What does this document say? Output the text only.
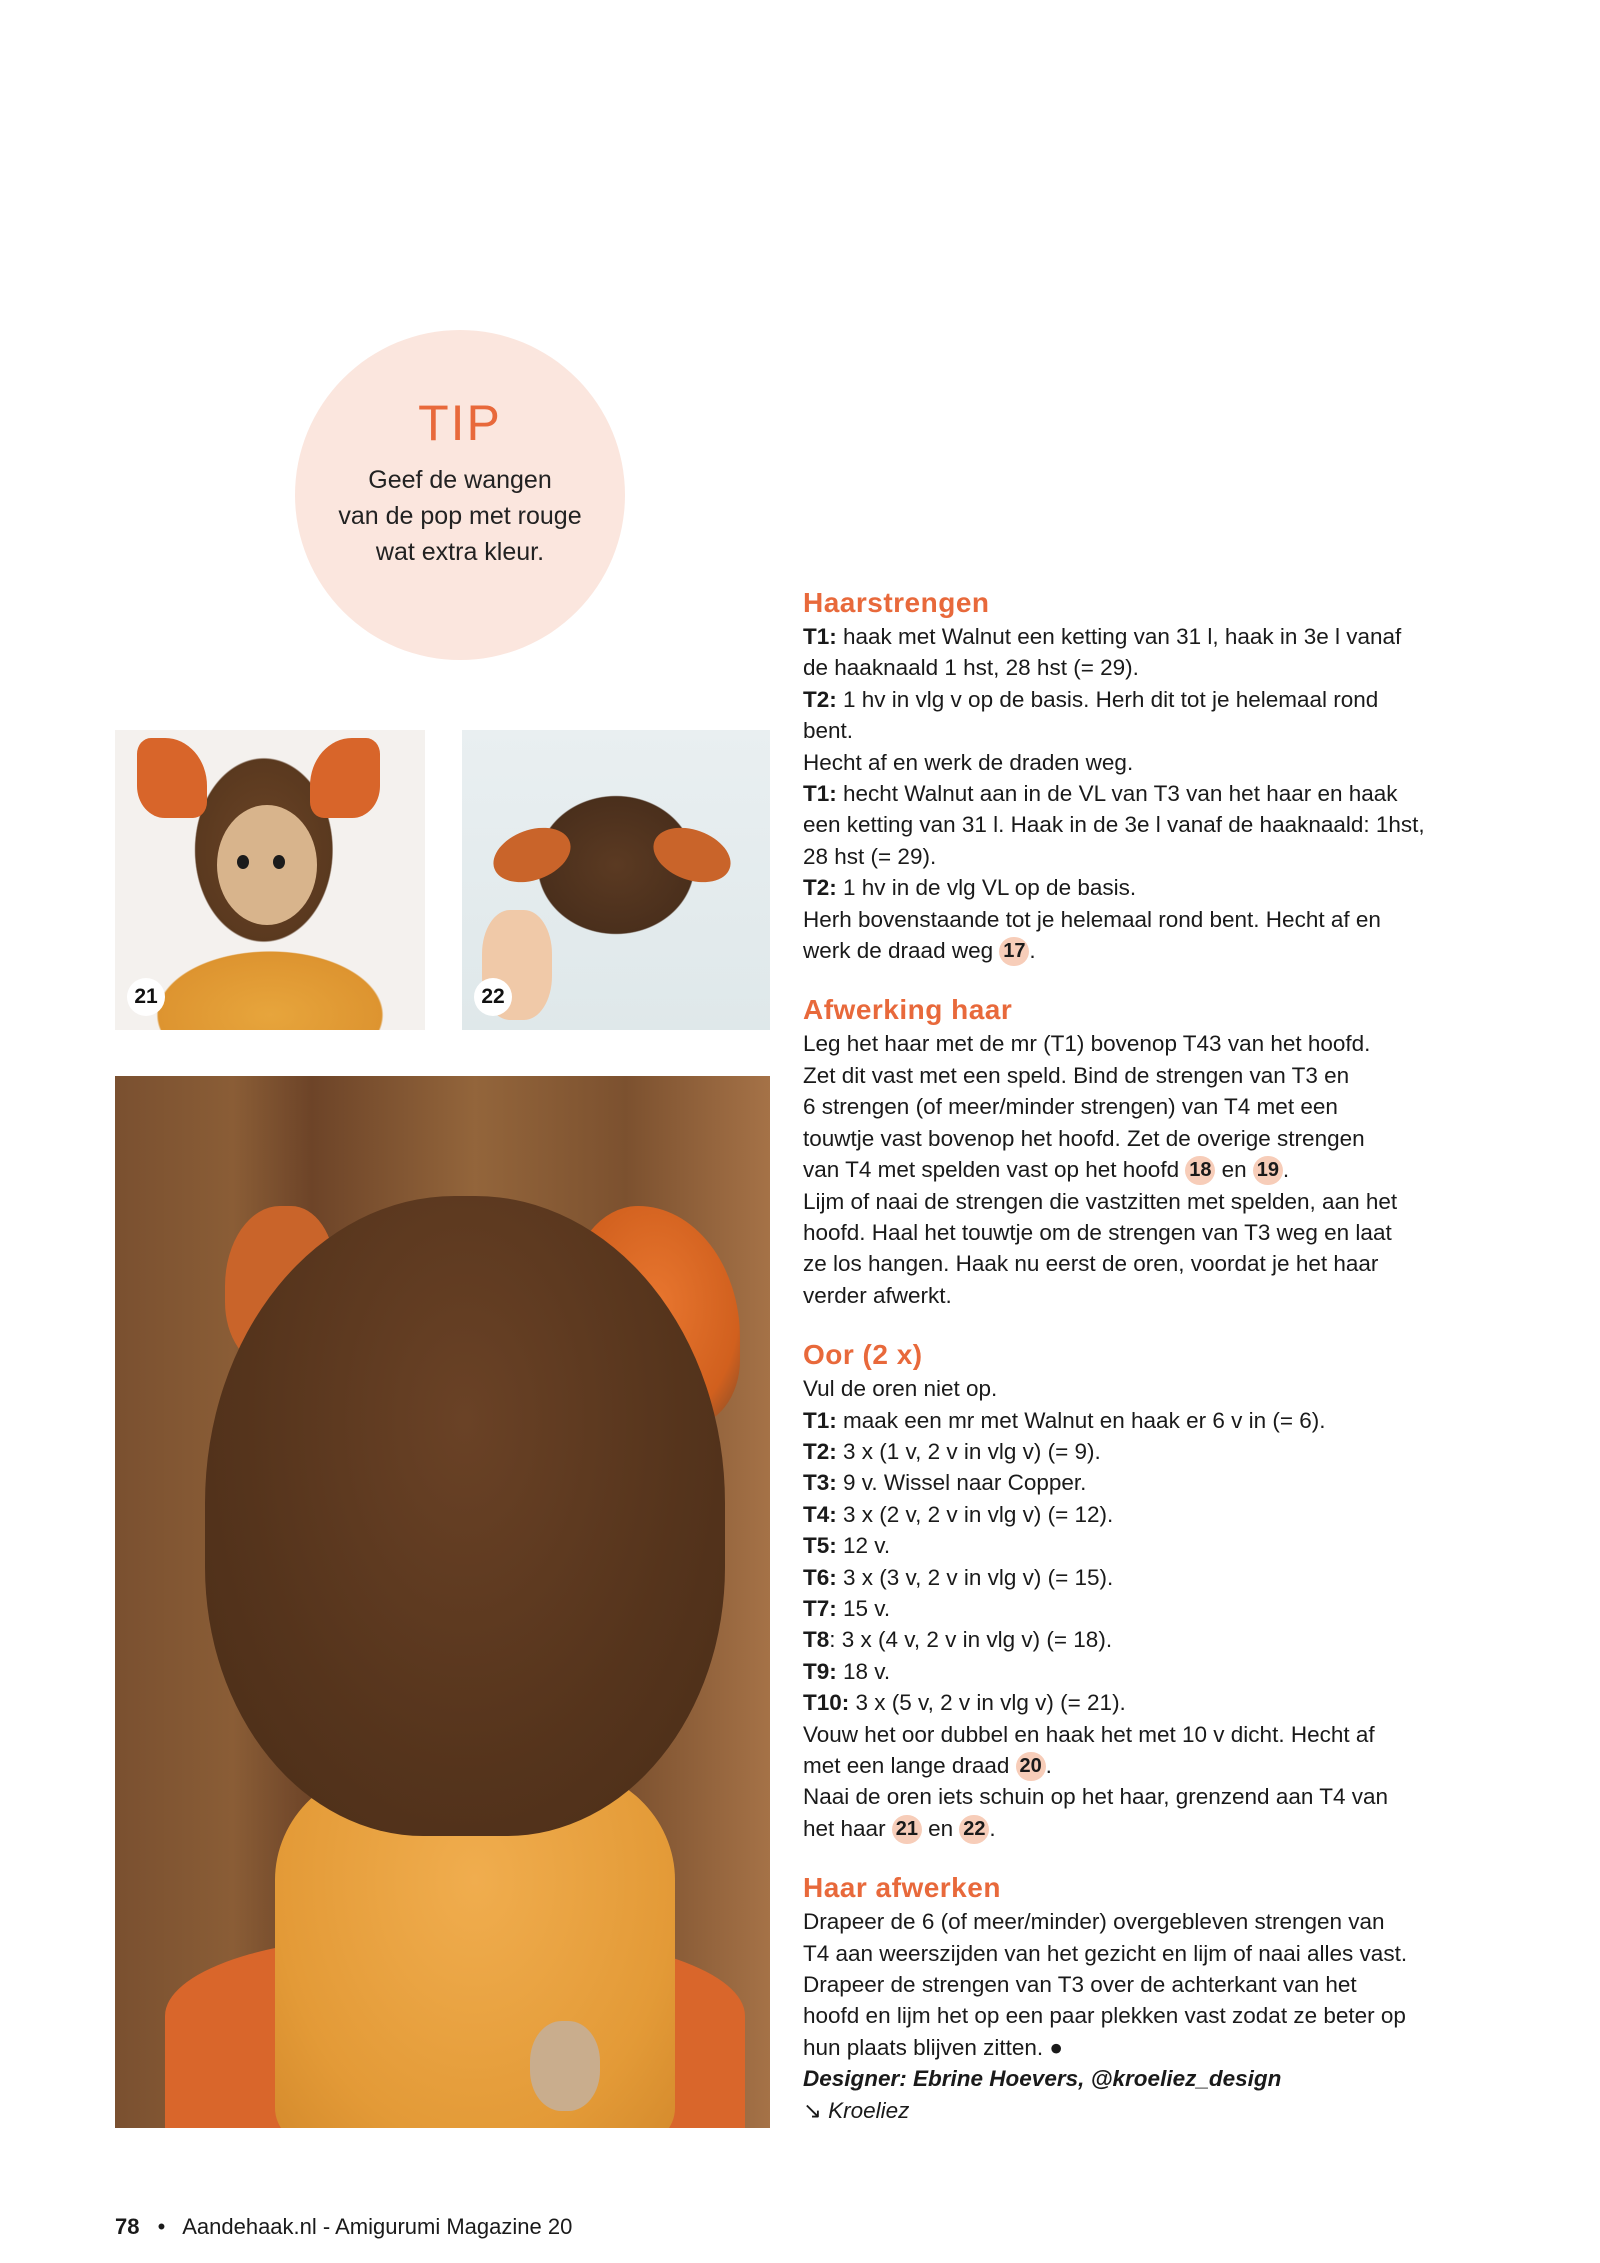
TIP
Geef de wangen
van de pop met rouge
wat extra kleur.
21	22
Haarstrengen
T1: haak met Walnut een ketting van 31 l, haak in 3e l vanaf
de haaknaald 1 hst, 28 hst (= 29).
T2: 1 hv in vlg v op de basis. Herh dit tot je helemaal rond
bent.
Hecht af en werk de draden weg.
T1: hecht Walnut aan in de VL van T3 van het haar en haak
een ketting van 31 l. Haak in de 3e l vanaf de haaknaald: 1hst,
28 hst (= 29).
T2: 1 hv in de vlg VL op de basis.
Herh bovenstaande tot je helemaal rond bent. Hecht af en
werk de draad weg 17 .
Afwerking haar
Leg het haar met de mr (T1) bovenop T43 van het hoofd.
Zet dit vast met een speld. Bind de strengen van T3 en
6 strengen (of meer/minder strengen) van T4 met een
touwtje vast bovenop het hoofd. Zet de overige strengen
van T4 met spelden vast op het hoofd 18 en 19 .
Lijm of naai de strengen die vastzitten met spelden, aan het
hoofd. Haal het touwtje om de strengen van T3 weg en laat
ze los hangen. Haak nu eerst de oren, voordat je het haar
verder afwerkt.
Oor (2 x)
Vul de oren niet op.
T1: maak een mr met Walnut en haak er 6 v in (= 6).
T2: 3 x (1 v, 2 v in vlg v) (= 9).
T3: 9 v. Wissel naar Copper.
T4: 3 x (2 v, 2 v in vlg v) (= 12).
T5: 12 v.
T6: 3 x (3 v, 2 v in vlg v) (= 15).
T7: 15 v.
T8: 3 x (4 v, 2 v in vlg v) (= 18).
T9: 18 v.
T10: 3 x (5 v, 2 v in vlg v) (= 21).
Vouw het oor dubbel en haak het met 10 v dicht. Hecht af
met een lange draad 20 .
Naai de oren iets schuin op het haar, grenzend aan T4 van
het haar 21 en 22 .
Haar afwerken
Drapeer de 6 (of meer/minder) overgebleven strengen van
T4 aan weerszijden van het gezicht en lijm of naai alles vast.
Drapeer de strengen van T3 over de achterkant van het
hoofd en lijm het op een paar plekken vast zodat ze beter op
hun plaats blijven zitten. ●
Designer: Ebrine Hoevers, @kroeliez_design
↘ Kroeliez
78 • Aandehaak.nl - Amigurumi Magazine 20
